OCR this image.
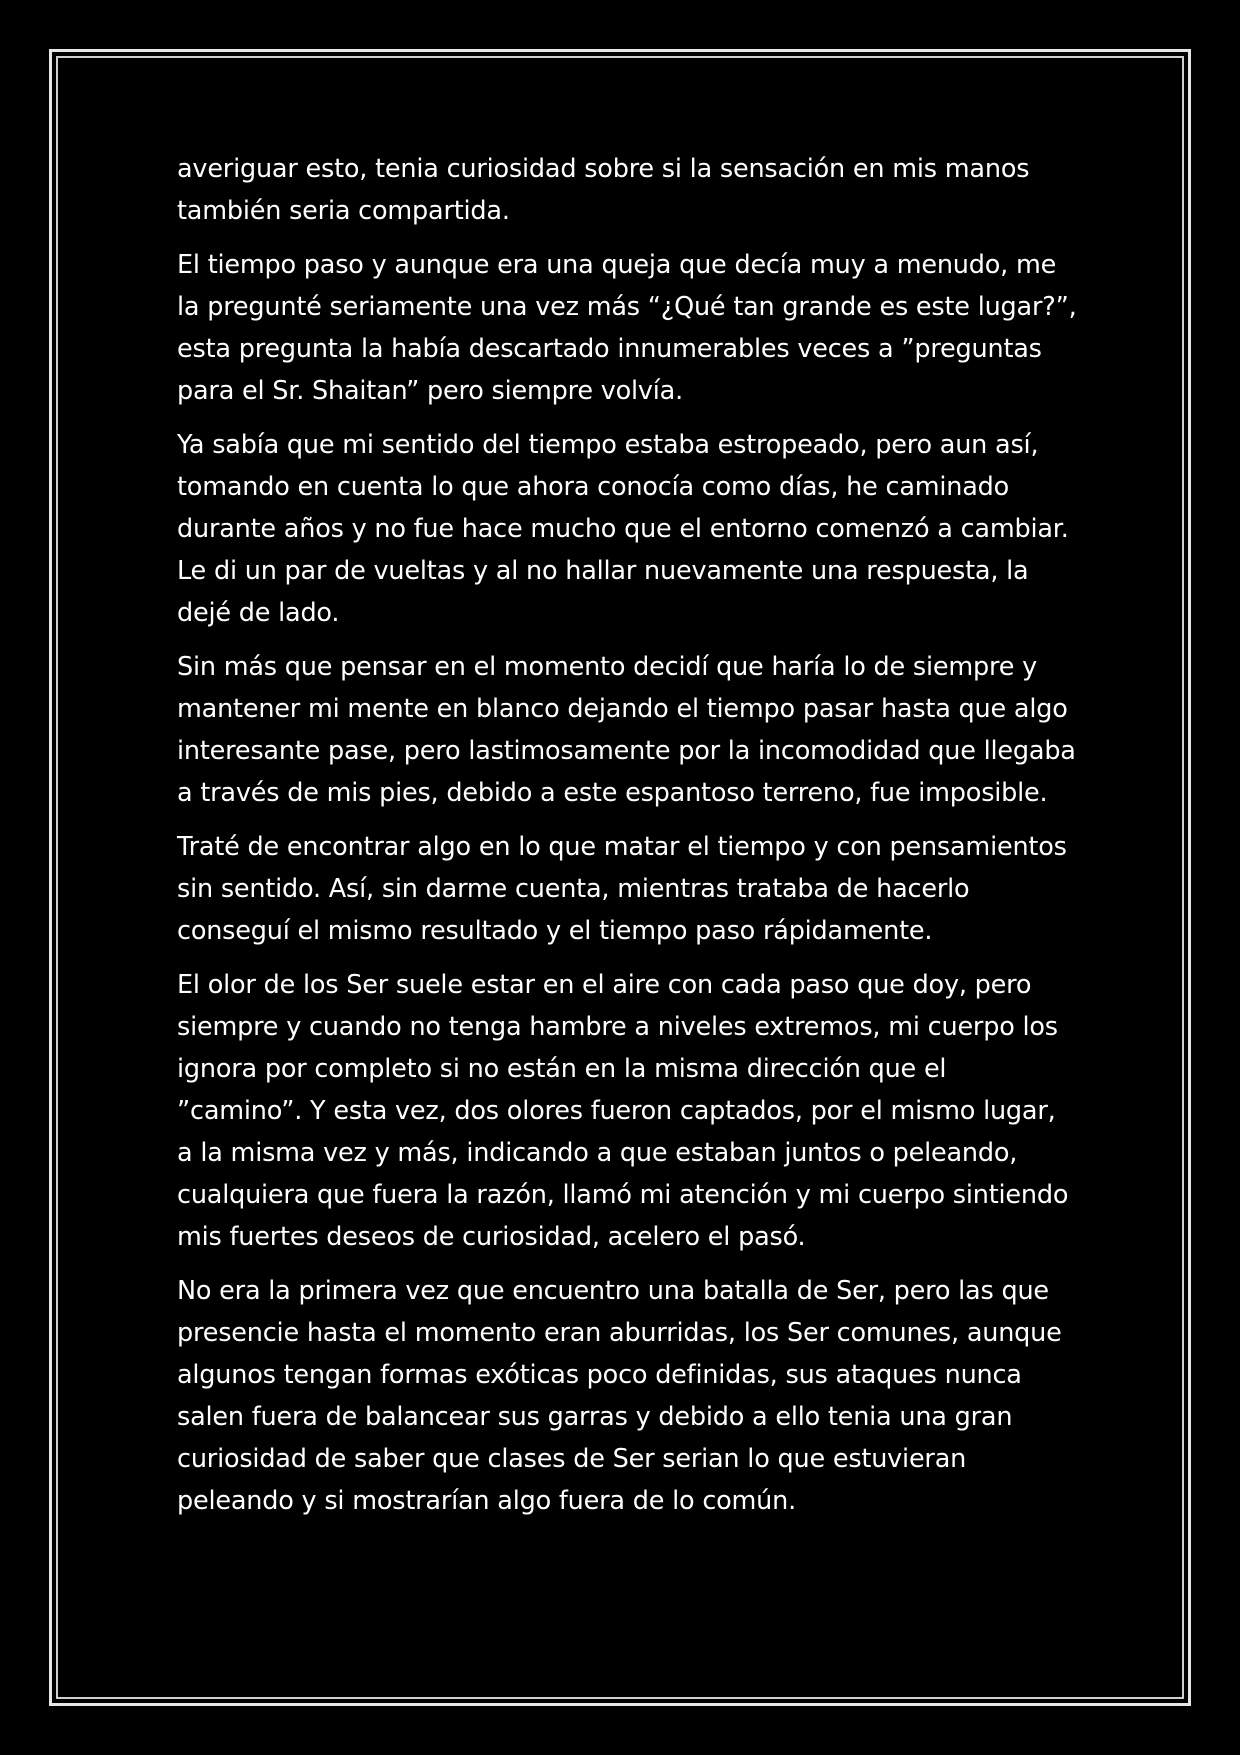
averiguar esto, tenia curiosidad sobre si la sensación en mis manos también seria compartida.

El tiempo paso y aunque era una queja que decía muy a menudo, me la pregunté seriamente una vez más “¿Qué tan grande es este lugar?”, esta pregunta la había descartado innumerables veces a ”preguntas para el Sr. Shaitan” pero siempre volvía.

Ya sabía que mi sentido del tiempo estaba estropeado, pero aun así, tomando en cuenta lo que ahora conocía como días, he caminado durante años y no fue hace mucho que el entorno comenzó a cambiar. Le di un par de vueltas y al no hallar nuevamente una respuesta, la dejé de lado.

Sin más que pensar en el momento decidí que haría lo de siempre y mantener mi mente en blanco dejando el tiempo pasar hasta que algo interesante pase, pero lastimosamente por la incomodidad que llegaba a través de mis pies, debido a este espantoso terreno, fue imposible.

Traté de encontrar algo en lo que matar el tiempo y con pensamientos sin sentido. Así, sin darme cuenta, mientras trataba de hacerlo conseguí el mismo resultado y el tiempo paso rápidamente.

El olor de los Ser suele estar en el aire con cada paso que doy, pero siempre y cuando no tenga hambre a niveles extremos, mi cuerpo los ignora por completo si no están en la misma dirección que el ”camino”. Y esta vez, dos olores fueron captados, por el mismo lugar, a la misma vez y más, indicando a que estaban juntos o peleando, cualquiera que fuera la razón, llamó mi atención y mi cuerpo sintiendo mis fuertes deseos de curiosidad, acelero el pasó.

No era la primera vez que encuentro una batalla de Ser, pero las que presencie hasta el momento eran aburridas, los Ser comunes, aunque algunos tengan formas exóticas poco definidas, sus ataques nunca salen fuera de balancear sus garras y debido a ello tenia una gran curiosidad de saber que clases de Ser serian lo que estuvieran peleando y si mostrarían algo fuera de lo común.
